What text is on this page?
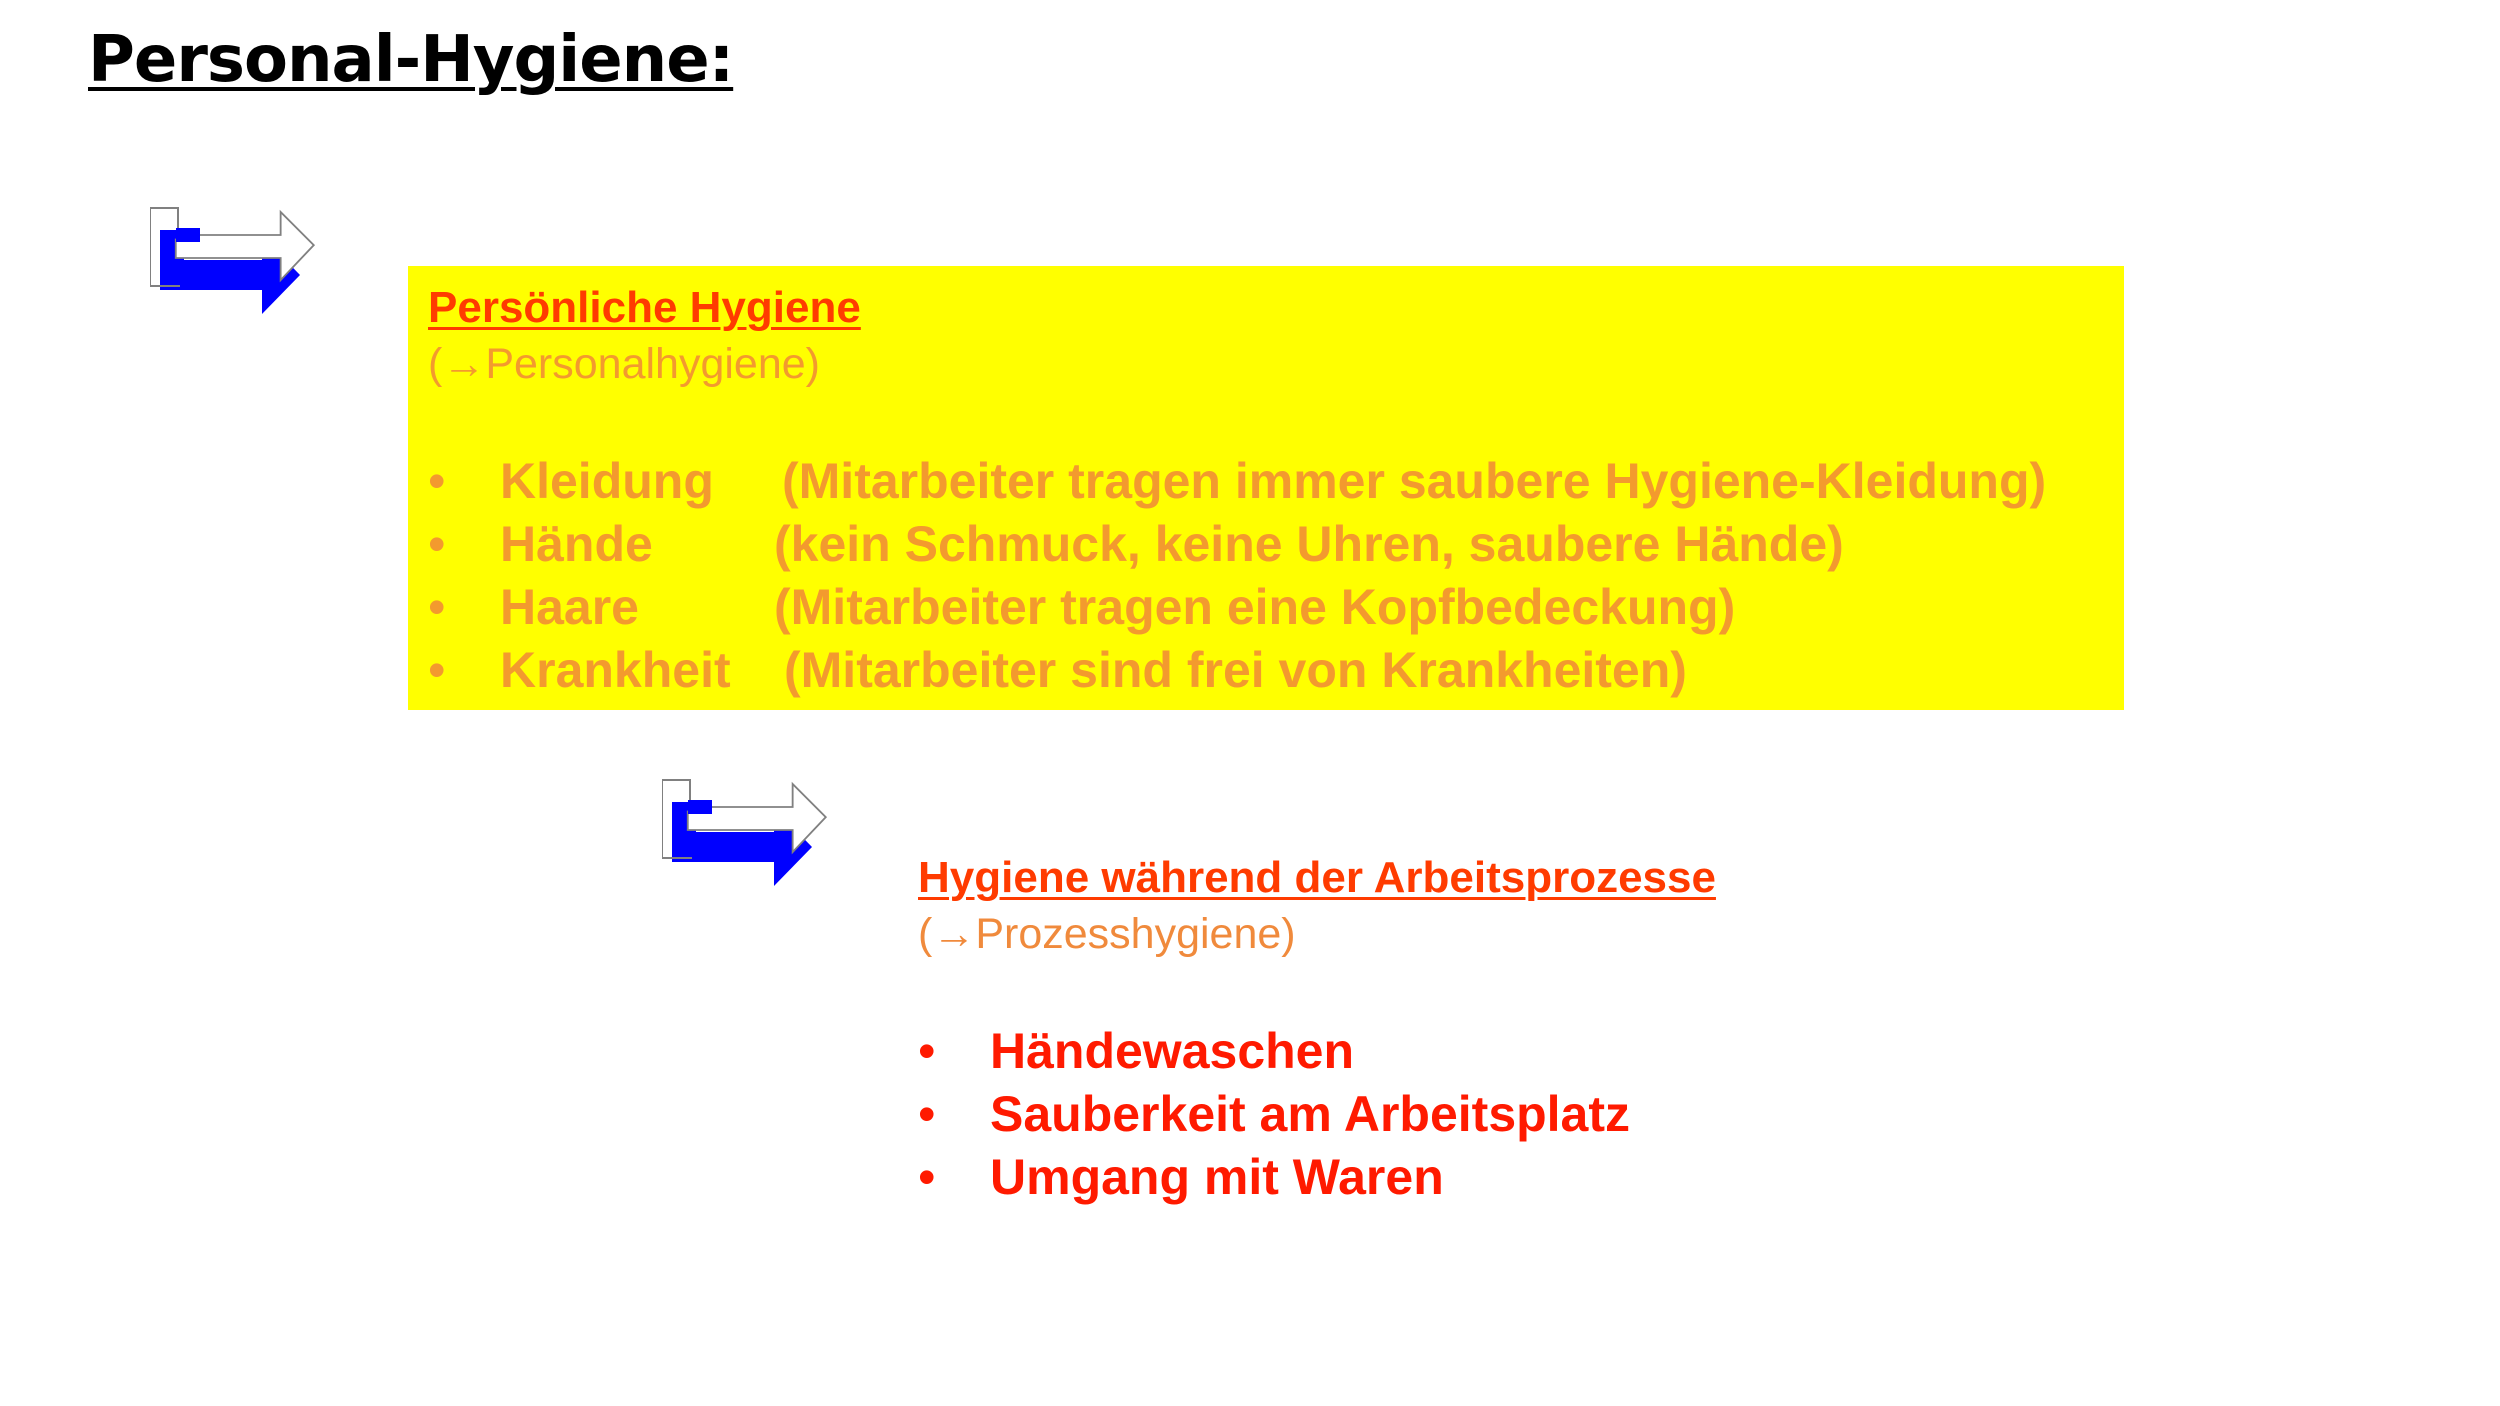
Personal-Hygiene:
Persönliche Hygiene
(→Personalhygiene)
• Kleidung (Mitarbeiter tragen immer saubere Hygiene-Kleidung)
• Hände (kein Schmuck, keine Uhren, saubere Hände)
• Haare	(Mitarbeiter tragen eine Kopfbedeckung)
• Krankheit (Mitarbeiter sind frei von Krankheiten)
Hygiene während der Arbeitsprozesse
(→Prozesshygiene)
• Händewaschen
• Sauberkeit am Arbeitsplatz
• Umgang mit Waren
